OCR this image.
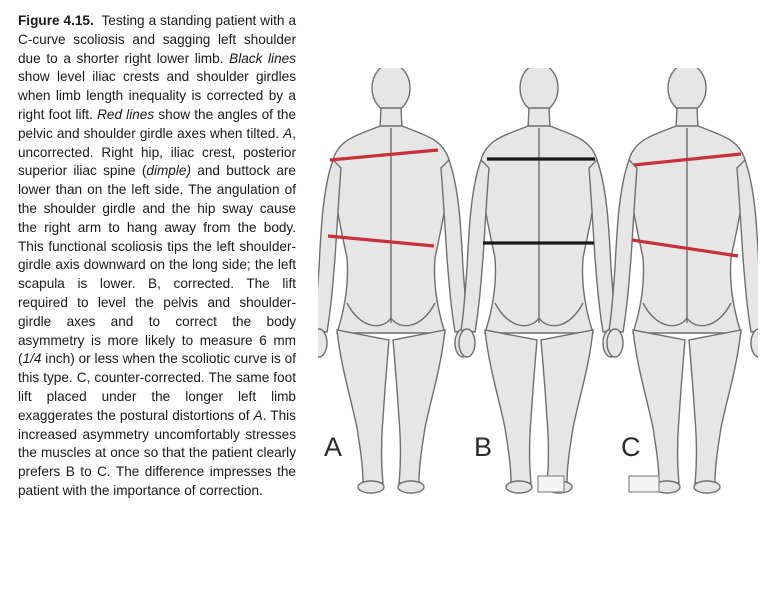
Figure 4.15. Testing a standing patient with a C-curve scoliosis and sagging left shoulder due to a shorter right lower limb. Black lines show level iliac crests and shoulder girdles when limb length inequality is corrected by a right foot lift. Red lines show the angles of the pelvic and shoulder girdle axes when tilted. A, uncorrected. Right hip, iliac crest, posterior superior iliac spine (dimple) and buttock are lower than on the left side. The angulation of the shoulder girdle and the hip sway cause the right arm to hang away from the body. This functional scoliosis tips the left shoulder-girdle axis downward on the long side; the left scapula is lower. B, corrected. The lift required to level the pelvis and shoulder-girdle axes and to correct the body asymmetry is more likely to measure 6 mm (1/4 inch) or less when the scoliotic curve is of this type. C, counter-corrected. The same foot lift placed under the longer left limb exaggerates the postural distortions of A. This increased asymmetry uncomfortably stresses the muscles at once so that the patient clearly prefers B to C. The difference impresses the patient with the importance of correction.
A	B	C
